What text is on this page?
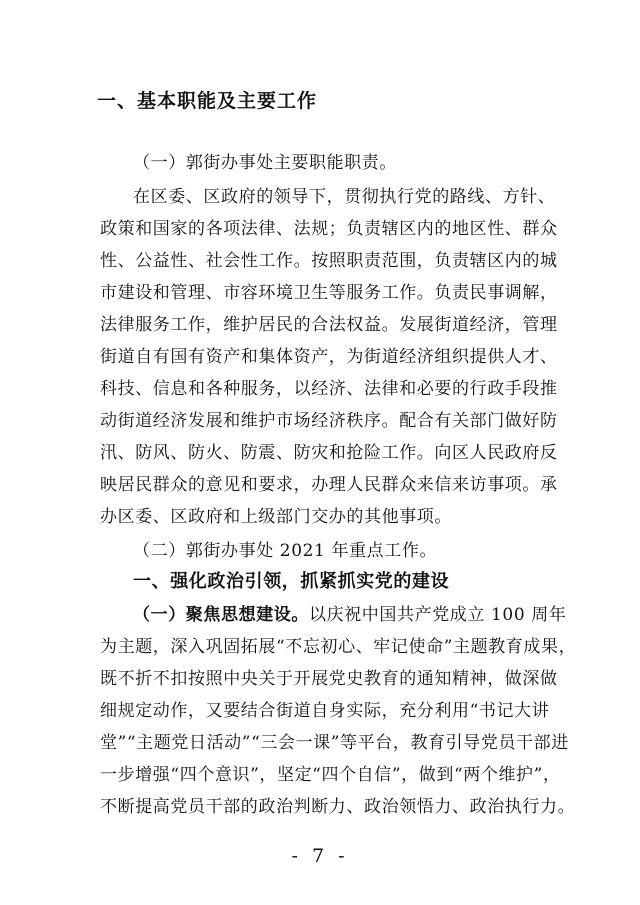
一、基本职能及主要工作
（一）郭街办事处主要职能职责。
在区委、区政府的领导下，贯彻执行党的路线、方针、
政策和国家的各项法律、法规；负责辖区内的地区性、群众
性、公益性、社会性工作。按照职责范围，负责辖区内的城
市建设和管理、市容环境卫生等服务工作。负责民事调解，
法律服务工作，维护居民的合法权益。发展街道经济，管理
街道自有国有资产和集体资产，为街道经济组织提供人才、
科技、信息和各种服务，以经济、法律和必要的行政手段推
动街道经济发展和维护市场经济秩序。配合有关部门做好防
汛、防风、防火、防震、防灾和抢险工作。向区人民政府反
映居民群众的意见和要求，办理人民群众来信来访事项。承
办区委、区政府和上级部门交办的其他事项。
（二）郭街办事处 2021 年重点工作。
一、强化政治引领，抓紧抓实党的建设
（一）聚焦思想建设。以庆祝中国共产党成立 100 周年
为主题，深入巩固拓展“不忘初心、牢记使命”主题教育成果，
既不折不扣按照中央关于开展党史教育的通知精神，做深做
细规定动作，又要结合街道自身实际，充分利用“书记大讲
堂”“主题党日活动”“三会一课”等平台，教育引导党员干部进
一步增强“四个意识”，坚定“四个自信”，做到“两个维护”，
不断提高党员干部的政治判断力、政治领悟力、政治执行力。
- 7 -
